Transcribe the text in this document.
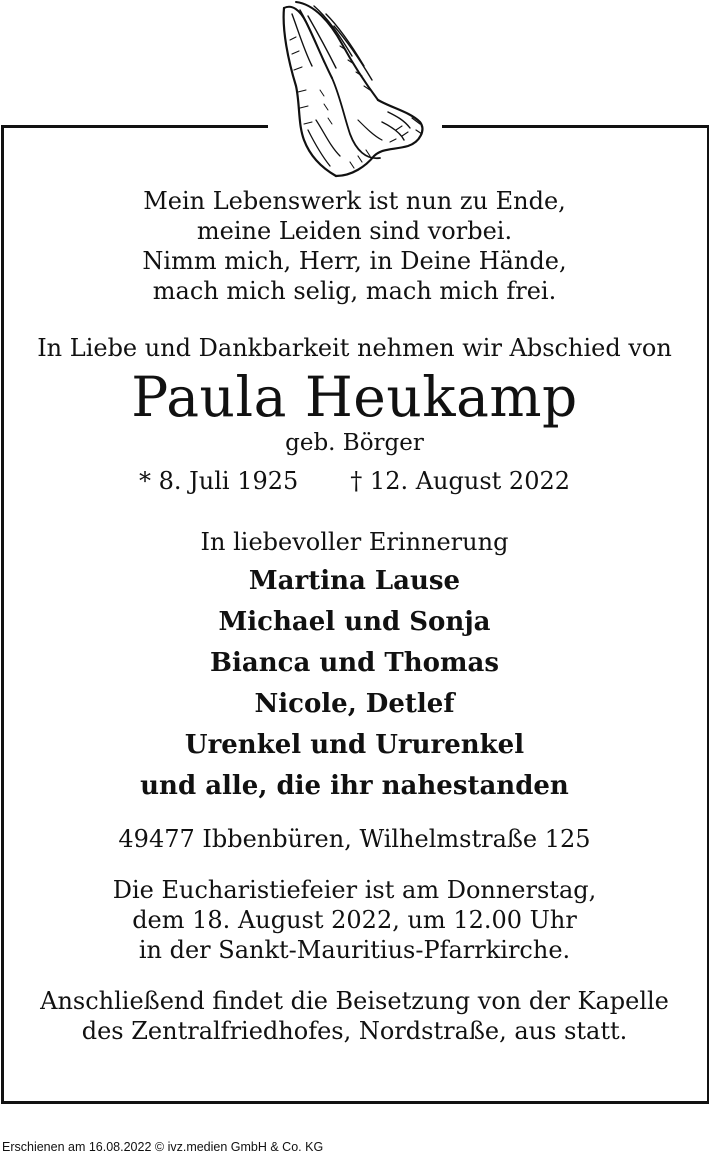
Mein Lebenswerk ist nun zu Ende,
meine Leiden sind vorbei.
Nimm mich, Herr, in Deine Hände,
mach mich selig, mach mich frei.
In Liebe und Dankbarkeit nehmen wir Abschied von
Paula Heukamp
geb. Börger
* 8. Juli 1925 † 12. August 2022
In liebevoller Erinnerung
Martina Lause
Michael und Sonja
Bianca und Thomas
Nicole, Detlef
Urenkel und Ururenkel
und alle, die ihr nahestanden
49477 Ibbenbüren, Wilhelmstraße 125
Die Eucharistiefeier ist am Donnerstag,
dem 18. August 2022, um 12.00 Uhr
in der Sankt-Mauritius-Pfarrkirche.
Anschließend findet die Beisetzung von der Kapelle
des Zentralfriedhofes, Nordstraße, aus statt.
Erschienen am 16.08.2022 © ivz.medien GmbH & Co. KG
